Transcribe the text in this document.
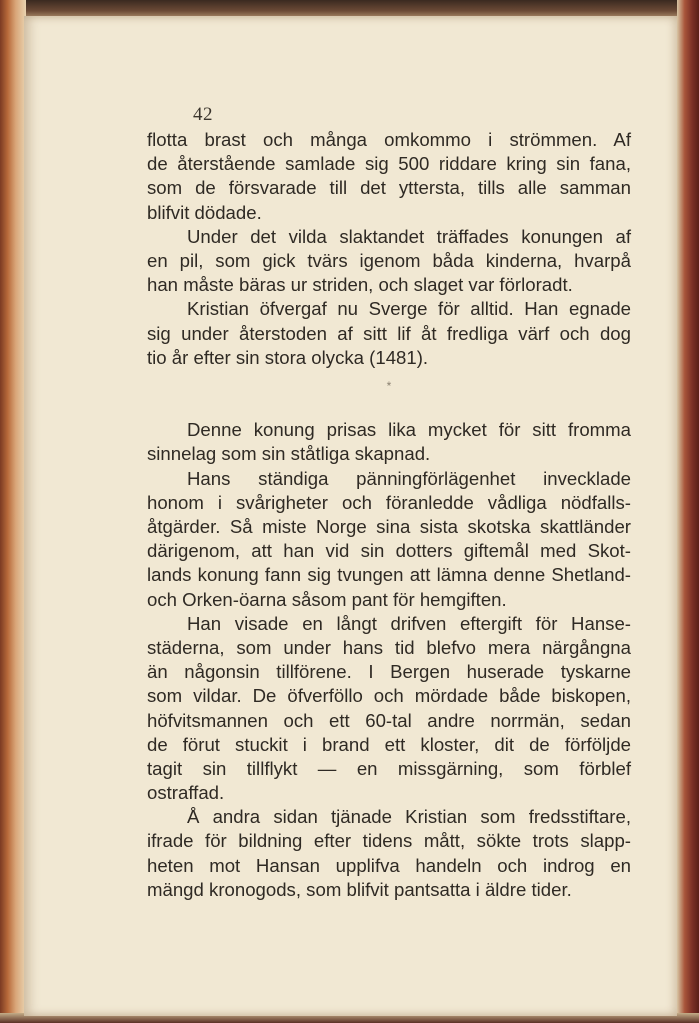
42
flotta brast och många omkommo i strömmen. Af
de återstående samlade sig 500 riddare kring sin fana,
som de försvarade till det yttersta, tills alle samman
blifvit dödade.
Under det vilda slaktandet träffades konungen af
en pil, som gick tvärs igenom båda kinderna, hvarpå
han måste bäras ur striden, och slaget var förloradt.
Kristian öfvergaf nu Sverge för alltid. Han egnade
sig under återstoden af sitt lif åt fredliga värf och dog
tio år efter sin stora olycka (1481).
*
Denne konung prisas lika mycket för sitt fromma
sinnelag som sin ståtliga skapnad.
Hans ständiga pänningförlägenhet invecklade
honom i svårigheter och föranledde vådliga nödfalls-
åtgärder. Så miste Norge sina sista skotska skattländer
därigenom, att han vid sin dotters giftemål med Skot-
lands konung fann sig tvungen att lämna denne Shetland-
och Orken-öarna såsom pant för hemgiften.
Han visade en långt drifven eftergift för Hanse-
städerna, som under hans tid blefvo mera närgångna
än någonsin tillförene. I Bergen huserade tyskarne
som vildar. De öfverföllo och mördade både biskopen,
höfvitsmannen och ett 60-tal andre norrmän, sedan
de förut stuckit i brand ett kloster, dit de förföljde
tagit sin tillflykt — en missgärning, som förblef
ostraffad.
Å andra sidan tjänade Kristian som fredsstiftare,
ifrade för bildning efter tidens mått, sökte trots slapp-
heten mot Hansan upplifva handeln och indrog en
mängd kronogods, som blifvit pantsatta i äldre tider.
